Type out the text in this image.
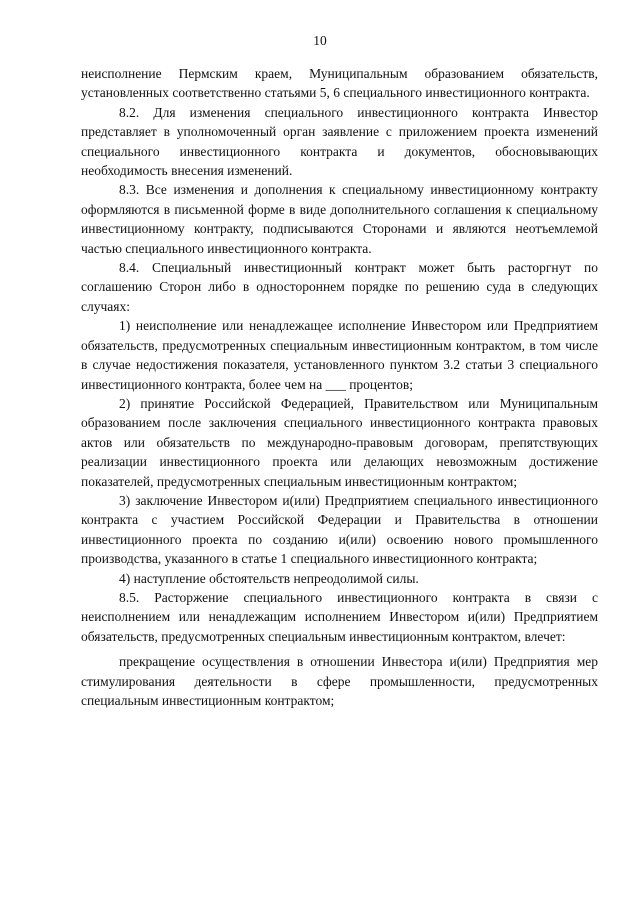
10

неисполнение Пермским краем, Муниципальным образованием обязательств, установленных соответственно статьями 5, 6 специального инвестиционного контракта.

8.2. Для изменения специального инвестиционного контракта Инвестор представляет в уполномоченный орган заявление с приложением проекта изменений специального инвестиционного контракта и документов, обосновывающих необходимость внесения изменений.

8.3. Все изменения и дополнения к специальному инвестиционному контракту оформляются в письменной форме в виде дополнительного соглашения к специальному инвестиционному контракту, подписываются Сторонами и являются неотъемлемой частью специального инвестиционного контракта.

8.4. Специальный инвестиционный контракт может быть расторгнут по соглашению Сторон либо в одностороннем порядке по решению суда в следующих случаях:

1) неисполнение или ненадлежащее исполнение Инвестором или Предприятием обязательств, предусмотренных специальным инвестиционным контрактом, в том числе в случае недостижения показателя, установленного пунктом 3.2 статьи 3 специального инвестиционного контракта, более чем на ___ процентов;

2) принятие Российской Федерацией, Правительством или Муниципальным образованием после заключения специального инвестиционного контракта правовых актов или обязательств по международно-правовым договорам, препятствующих реализации инвестиционного проекта или делающих невозможным достижение показателей, предусмотренных специальным инвестиционным контрактом;

3) заключение Инвестором и(или) Предприятием специального инвестиционного контракта с участием Российской Федерации и Правительства в отношении инвестиционного проекта по созданию и(или) освоению нового промышленного производства, указанного в статье 1 специального инвестиционного контракта;

4) наступление обстоятельств непреодолимой силы.

8.5. Расторжение специального инвестиционного контракта в связи с неисполнением или ненадлежащим исполнением Инвестором и(или) Предприятием обязательств, предусмотренных специальным инвестиционным контрактом, влечет:

прекращение осуществления в отношении Инвестора и(или) Предприятия мер стимулирования деятельности в сфере промышленности, предусмотренных специальным инвестиционным контрактом;
